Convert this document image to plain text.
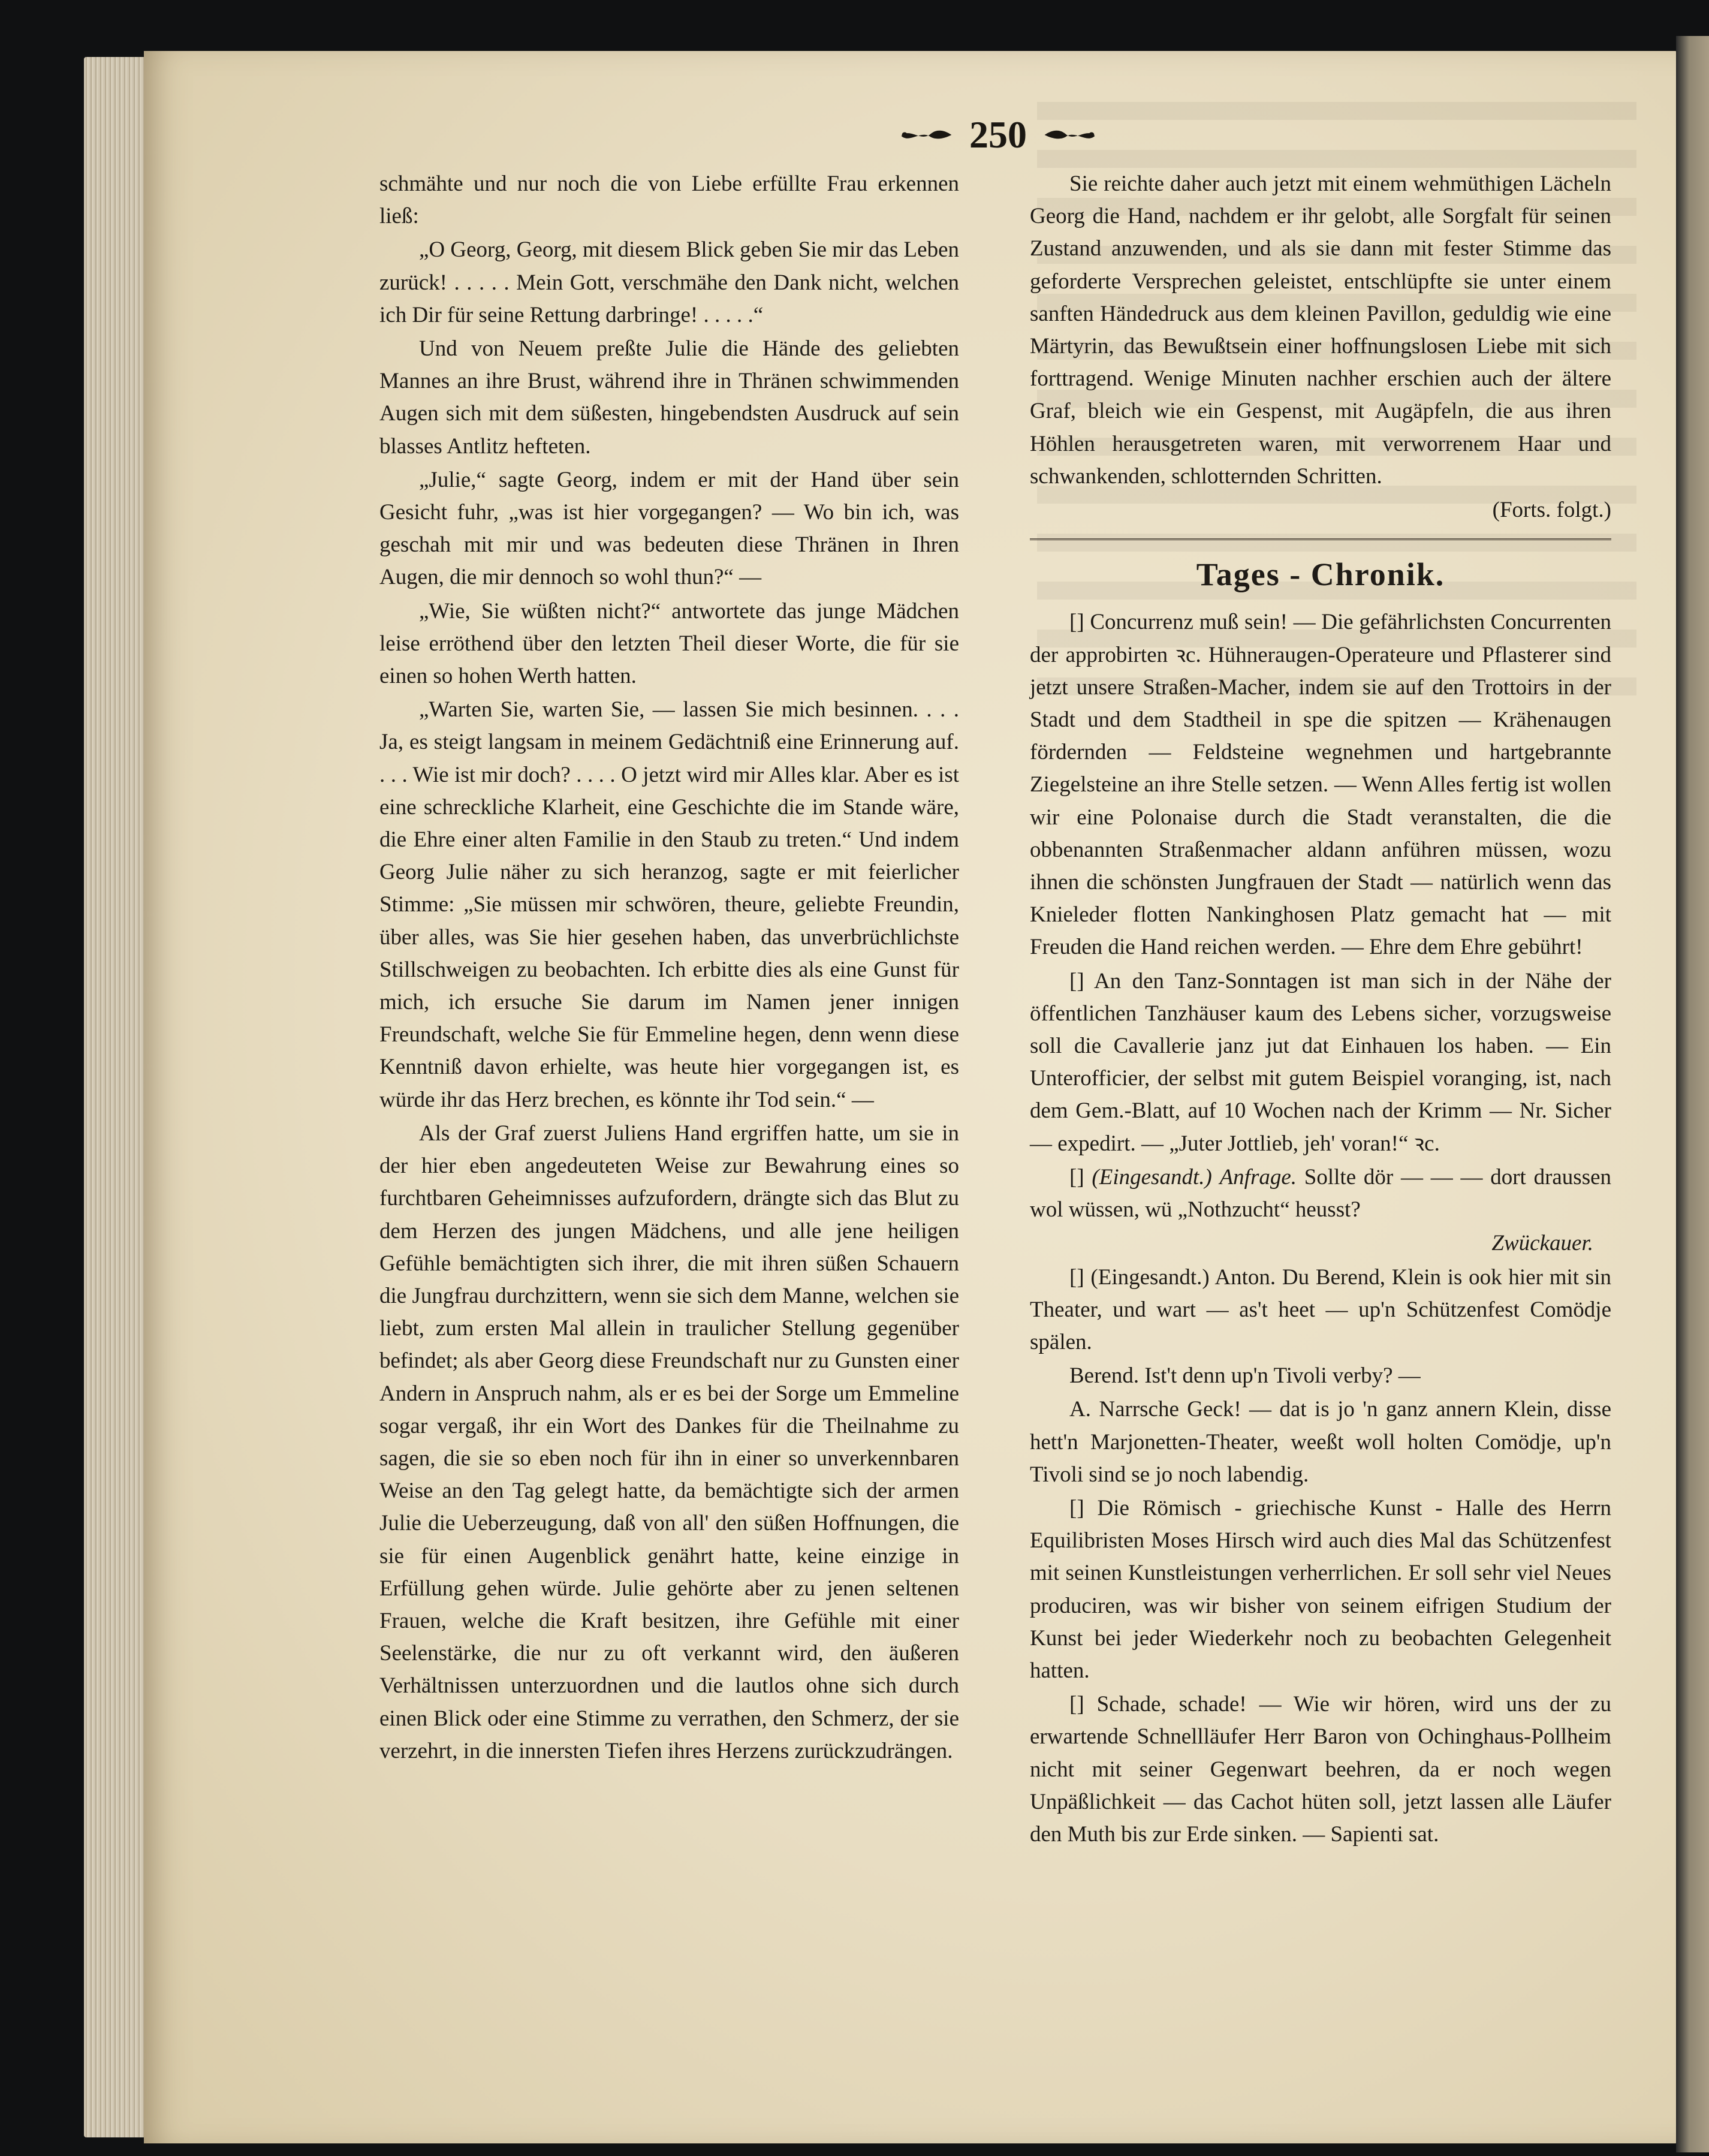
250

schmähte und nur noch die von Liebe erfüllte Frau erkennen ließ:

„O Georg, Georg, mit diesem Blick geben Sie mir das Leben zurück! . . . . . Mein Gott, verschmähe den Dank nicht, welchen ich Dir für seine Rettung darbringe! . . . . .“

Und von Neuem preßte Julie die Hände des geliebten Mannes an ihre Brust, während ihre in Thränen schwimmenden Augen sich mit dem süßesten, hingebendsten Ausdruck auf sein blasses Antlitz hefteten.

„Julie,“ sagte Georg, indem er mit der Hand über sein Gesicht fuhr, „was ist hier vorgegangen? — Wo bin ich, was geschah mit mir und was bedeuten diese Thränen in Ihren Augen, die mir dennoch so wohl thun?“ —

„Wie, Sie wüßten nicht?“ antwortete das junge Mädchen leise erröthend über den letzten Theil dieser Worte, die für sie einen so hohen Werth hatten.

„Warten Sie, warten Sie, — lassen Sie mich besinnen. . . . Ja, es steigt langsam in meinem Gedächtniß eine Erinnerung auf. . . . Wie ist mir doch? . . . . O jetzt wird mir Alles klar. Aber es ist eine schreckliche Klarheit, eine Geschichte die im Stande wäre, die Ehre einer alten Familie in den Staub zu treten.“ Und indem Georg Julie näher zu sich heranzog, sagte er mit feierlicher Stimme: „Sie müssen mir schwören, theure, geliebte Freundin, über alles, was Sie hier gesehen haben, das unverbrüchlichste Stillschweigen zu beobachten. Ich erbitte dies als eine Gunst für mich, ich ersuche Sie darum im Namen jener innigen Freundschaft, welche Sie für Emmeline hegen, denn wenn diese Kenntniß davon erhielte, was heute hier vorgegangen ist, es würde ihr das Herz brechen, es könnte ihr Tod sein.“ —

Als der Graf zuerst Juliens Hand ergriffen hatte, um sie in der hier eben angedeuteten Weise zur Bewahrung eines so furchtbaren Geheimnisses aufzufordern, drängte sich das Blut zu dem Herzen des jungen Mädchens, und alle jene heiligen Gefühle bemächtigten sich ihrer, die mit ihren süßen Schauern die Jungfrau durchzittern, wenn sie sich dem Manne, welchen sie liebt, zum ersten Mal allein in traulicher Stellung gegenüber befindet; als aber Georg diese Freundschaft nur zu Gunsten einer Andern in Anspruch nahm, als er es bei der Sorge um Emmeline sogar vergaß, ihr ein Wort des Dankes für die Theilnahme zu sagen, die sie so eben noch für ihn in einer so unverkennbaren Weise an den Tag gelegt hatte, da bemächtigte sich der armen Julie die Ueberzeugung, daß von all' den süßen Hoffnungen, die sie für einen Augenblick genährt hatte, keine einzige in Erfüllung gehen würde. Julie gehörte aber zu jenen seltenen Frauen, welche die Kraft besitzen, ihre Gefühle mit einer Seelenstärke, die nur zu oft verkannt wird, den äußeren Verhältnissen unterzuordnen und die lautlos ohne sich durch einen Blick oder eine Stimme zu verrathen, den Schmerz, der sie verzehrt, in die innersten Tiefen ihres Herzens zurückzudrängen.

Sie reichte daher auch jetzt mit einem wehmüthigen Lächeln Georg die Hand, nachdem er ihr gelobt, alle Sorgfalt für seinen Zustand anzuwenden, und als sie dann mit fester Stimme das geforderte Versprechen geleistet, entschlüpfte sie unter einem sanften Händedruck aus dem kleinen Pavillon, geduldig wie eine Märtyrin, das Bewußtsein einer hoffnungslosen Liebe mit sich forttragend. Wenige Minuten nachher erschien auch der ältere Graf, bleich wie ein Gespenst, mit Augäpfeln, die aus ihren Höhlen herausgetreten waren, mit verworrenem Haar und schwankenden, schlotternden Schritten.

(Forts. folgt.)

Tages - Chronik.

[] Concurrenz muß sein! — Die gefährlichsten Concurrenten der approbirten ꝛc. Hühneraugen-Operateure und Pflasterer sind jetzt unsere Straßen-Macher, indem sie auf den Trottoirs in der Stadt und dem Stadtheil in spe die spitzen — Krähenaugen fördernden — Feldsteine wegnehmen und hartgebrannte Ziegelsteine an ihre Stelle setzen. — Wenn Alles fertig ist wollen wir eine Polonaise durch die Stadt veranstalten, die die obbenannten Straßenmacher aldann anführen müssen, wozu ihnen die schönsten Jungfrauen der Stadt — natürlich wenn das Knieleder flotten Nankinghosen Platz gemacht hat — mit Freuden die Hand reichen werden. — Ehre dem Ehre gebührt!

[] An den Tanz-Sonntagen ist man sich in der Nähe der öffentlichen Tanzhäuser kaum des Lebens sicher, vorzugsweise soll die Cavallerie janz jut dat Einhauen los haben. — Ein Unterofficier, der selbst mit gutem Beispiel voranging, ist, nach dem Gem.-Blatt, auf 10 Wochen nach der Krimm — Nr. Sicher — expedirt. — „Juter Jottlieb, jeh' voran!“ ꝛc.

[] (Eingesandt.) Anfrage. Sollte dör — — — dort draussen wol wüssen, wü „Nothzucht“ heusst?

Zwückauer.

[] (Eingesandt.) Anton. Du Berend, Klein is ook hier mit sin Theater, und wart — as't heet — up'n Schützenfest Comödje spälen.

Berend. Ist't denn up'n Tivoli verby? —

A. Narrsche Geck! — dat is jo 'n ganz annern Klein, disse hett'n Marjonetten-Theater, weeßt woll holten Comödje, up'n Tivoli sind se jo noch labendig.

[] Die Römisch - griechische Kunst - Halle des Herrn Equilibristen Moses Hirsch wird auch dies Mal das Schützenfest mit seinen Kunstleistungen verherrlichen. Er soll sehr viel Neues produciren, was wir bisher von seinem eifrigen Studium der Kunst bei jeder Wiederkehr noch zu beobachten Gelegenheit hatten.

[] Schade, schade! — Wie wir hören, wird uns der zu erwartende Schnellläufer Herr Baron von Ochinghaus-Pollheim nicht mit seiner Gegenwart beehren, da er noch wegen Unpäßlichkeit — das Cachot hüten soll, jetzt lassen alle Läufer den Muth bis zur Erde sinken. — Sapienti sat.
